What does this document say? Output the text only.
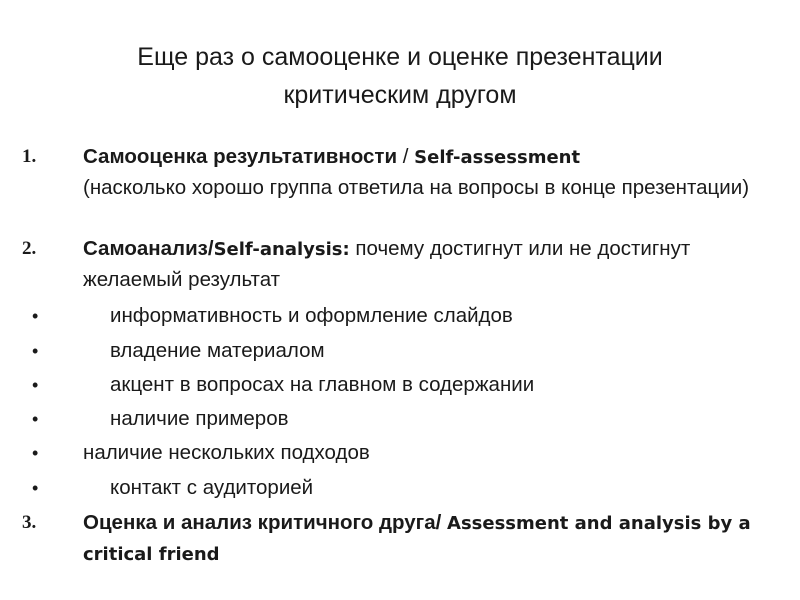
Еще раз о самооценке и оценке презентации
критическим другом
1. Самооценка результативности / Self-assessment
(насколько хорошо группа ответила на вопросы в конце презентации)
2. Самоанализ/Self-analysis: почему достигнут или не достигнут желаемый результат
•	информативность и оформление слайдов
•	владение материалом
•	акцент в вопросах на главном в содержании
•	наличие примеров
• наличие нескольких подходов
•	контакт с аудиторией
3. Оценка и анализ критичного друга/ Assessment and analysis by a critical friend
